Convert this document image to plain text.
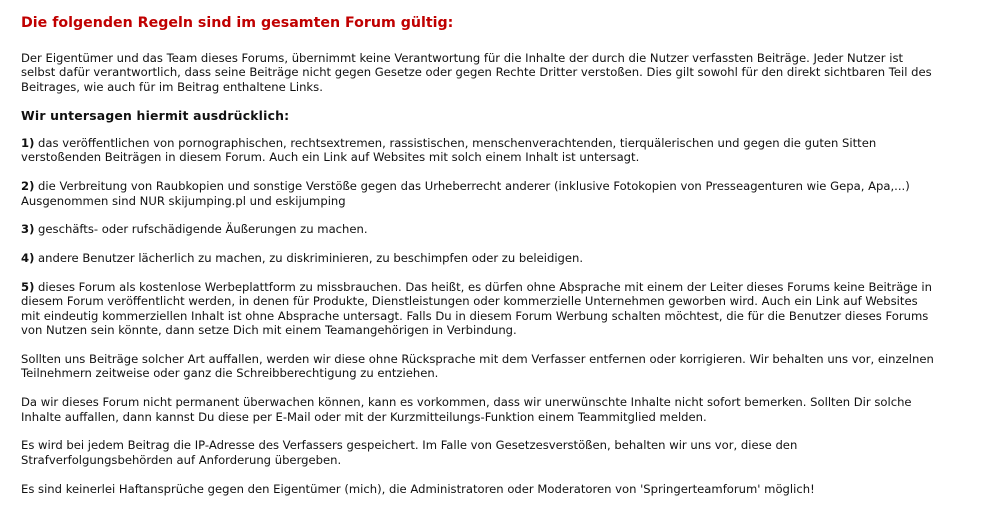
Die folgenden Regeln sind im gesamten Forum gültig:
Der Eigentümer und das Team dieses Forums, übernimmt keine Verantwortung für die Inhalte der durch die Nutzer verfassten Beiträge. Jeder Nutzer ist
selbst dafür verantwortlich, dass seine Beiträge nicht gegen Gesetze oder gegen Rechte Dritter verstoßen. Dies gilt sowohl für den direkt sichtbaren Teil des
Beitrages, wie auch für im Beitrag enthaltene Links.
Wir untersagen hiermit ausdrücklich:
1) das veröffentlichen von pornographischen, rechtsextremen, rassistischen, menschenverachtenden, tierquälerischen und gegen die guten Sitten
verstoßenden Beiträgen in diesem Forum. Auch ein Link auf Websites mit solch einem Inhalt ist untersagt.
2) die Verbreitung von Raubkopien und sonstige Verstöße gegen das Urheberrecht anderer (inklusive Fotokopien von Presseagenturen wie Gepa, Apa,...)
Ausgenommen sind NUR skijumping.pl und eskijumping
3) geschäfts- oder rufschädigende Äußerungen zu machen.
4) andere Benutzer lächerlich zu machen, zu diskriminieren, zu beschimpfen oder zu beleidigen.
5) dieses Forum als kostenlose Werbeplattform zu missbrauchen. Das heißt, es dürfen ohne Absprache mit einem der Leiter dieses Forums keine Beiträge in
diesem Forum veröffentlicht werden, in denen für Produkte, Dienstleistungen oder kommerzielle Unternehmen geworben wird. Auch ein Link auf Websites
mit eindeutig kommerziellen Inhalt ist ohne Absprache untersagt. Falls Du in diesem Forum Werbung schalten möchtest, die für die Benutzer dieses Forums
von Nutzen sein könnte, dann setze Dich mit einem Teamangehörigen in Verbindung.
Sollten uns Beiträge solcher Art auffallen, werden wir diese ohne Rücksprache mit dem Verfasser entfernen oder korrigieren. Wir behalten uns vor, einzelnen
Teilnehmern zeitweise oder ganz die Schreibberechtigung zu entziehen.
Da wir dieses Forum nicht permanent überwachen können, kann es vorkommen, dass wir unerwünschte Inhalte nicht sofort bemerken. Sollten Dir solche
Inhalte auffallen, dann kannst Du diese per E-Mail oder mit der Kurzmitteilungs-Funktion einem Teammitglied melden.
Es wird bei jedem Beitrag die IP-Adresse des Verfassers gespeichert. Im Falle von Gesetzesverstößen, behalten wir uns vor, diese den
Strafverfolgungsbehörden auf Anforderung übergeben.
Es sind keinerlei Haftansprüche gegen den Eigentümer (mich), die Administratoren oder Moderatoren von 'Springerteamforum' möglich!
